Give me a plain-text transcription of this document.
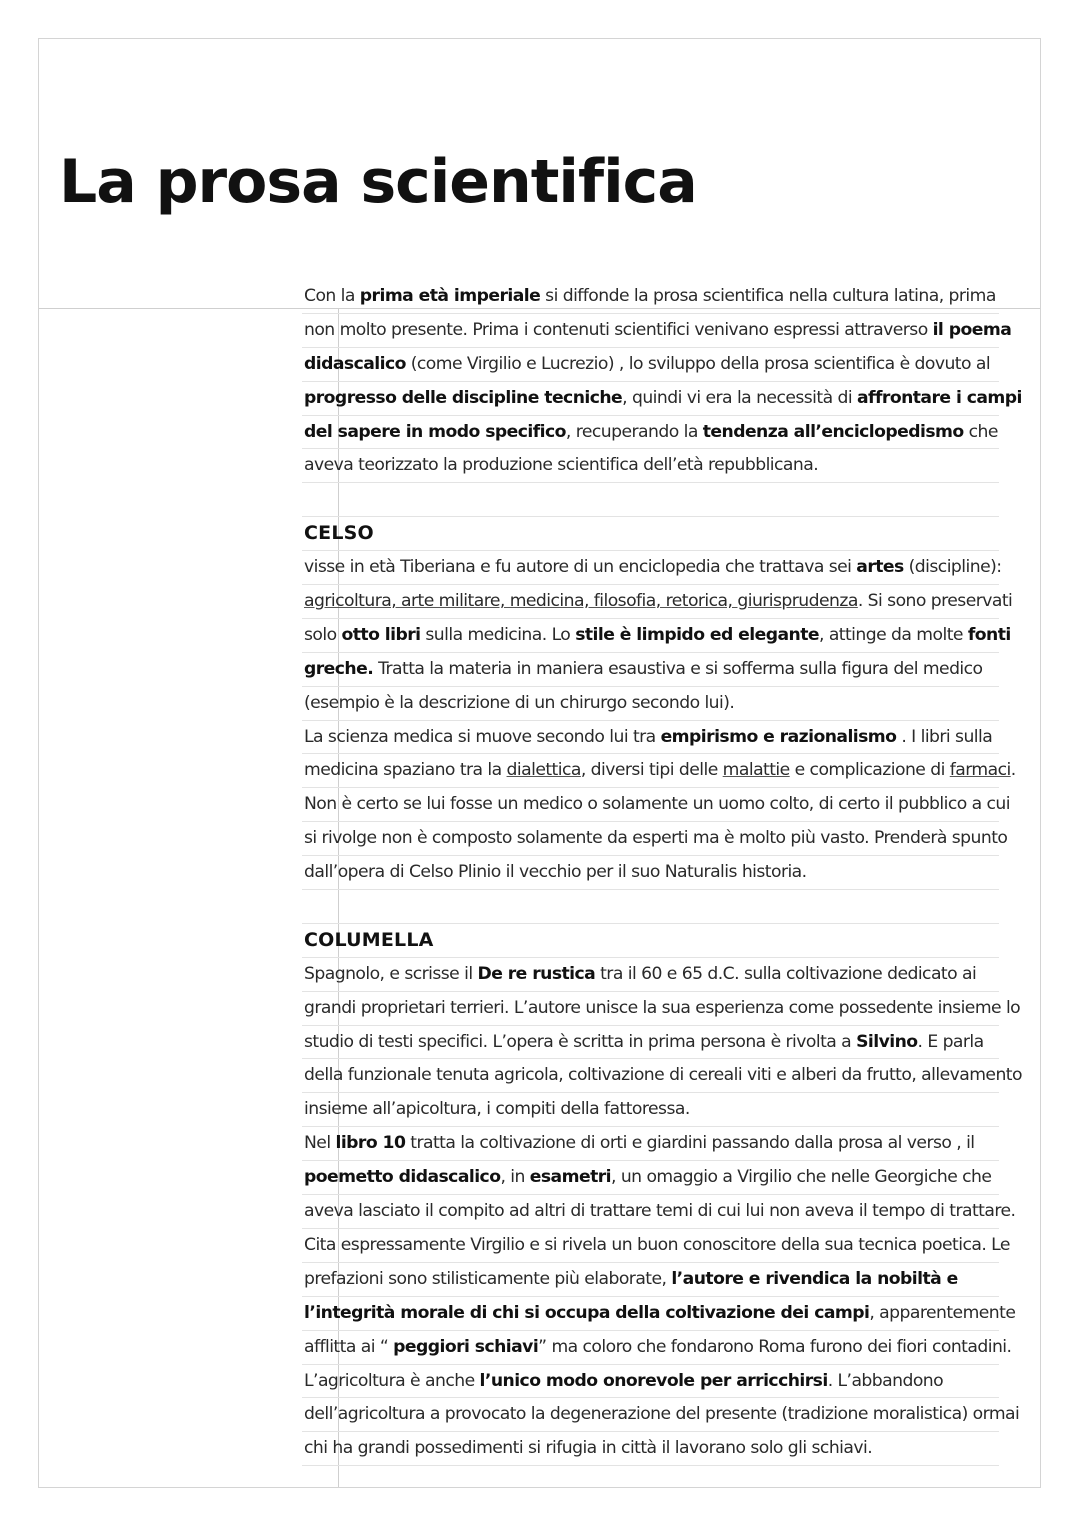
La prosa scientifica
Con la prima età imperiale si diffonde la prosa scientifica nella cultura latina, prima
non molto presente. Prima i contenuti scientifici venivano espressi attraverso il poema
didascalico (come Virgilio e Lucrezio) , lo sviluppo della prosa scientifica è dovuto al
progresso delle discipline tecniche, quindi vi era la necessità di affrontare i campi
del sapere in modo specifico, recuperando la tendenza all’enciclopedismo che
aveva teorizzato la produzione scientifica dell’età repubblicana.
CELSO
visse in età Tiberiana e fu autore di un enciclopedia che trattava sei artes (discipline):
agricoltura, arte militare, medicina, filosofia, retorica, giurisprudenza. Si sono preservati
solo otto libri sulla medicina. Lo stile è limpido ed elegante, attinge da molte fonti
greche. Tratta la materia in maniera esaustiva e si sofferma sulla figura del medico
(esempio è la descrizione di un chirurgo secondo lui).
La scienza medica si muove secondo lui tra empirismo e razionalismo . I libri sulla
medicina spaziano tra la dialettica, diversi tipi delle malattie e complicazione di farmaci.
Non è certo se lui fosse un medico o solamente un uomo colto, di certo il pubblico a cui
si rivolge non è composto solamente da esperti ma è molto più vasto. Prenderà spunto
dall’opera di Celso Plinio il vecchio per il suo Naturalis historia.
COLUMELLA
Spagnolo, e scrisse il De re rustica tra il 60 e 65 d.C. sulla coltivazione dedicato ai
grandi proprietari terrieri. L’autore unisce la sua esperienza come possedente insieme lo
studio di testi specifici. L’opera è scritta in prima persona è rivolta a Silvino. E parla
della funzionale tenuta agricola, coltivazione di cereali viti e alberi da frutto, allevamento
insieme all’apicoltura, i compiti della fattoressa.
Nel libro 10 tratta la coltivazione di orti e giardini passando dalla prosa al verso , il
poemetto didascalico, in esametri, un omaggio a Virgilio che nelle Georgiche che
aveva lasciato il compito ad altri di trattare temi di cui lui non aveva il tempo di trattare.
Cita espressamente Virgilio e si rivela un buon conoscitore della sua tecnica poetica. Le
prefazioni sono stilisticamente più elaborate, l’autore e rivendica la nobiltà e
l’integrità morale di chi si occupa della coltivazione dei campi, apparentemente
afflitta ai “ peggiori schiavi” ma coloro che fondarono Roma furono dei fiori contadini.
L’agricoltura è anche l’unico modo onorevole per arricchirsi. L’abbandono
dell’agricoltura a provocato la degenerazione del presente (tradizione moralistica) ormai
chi ha grandi possedimenti si rifugia in città il lavorano solo gli schiavi.
